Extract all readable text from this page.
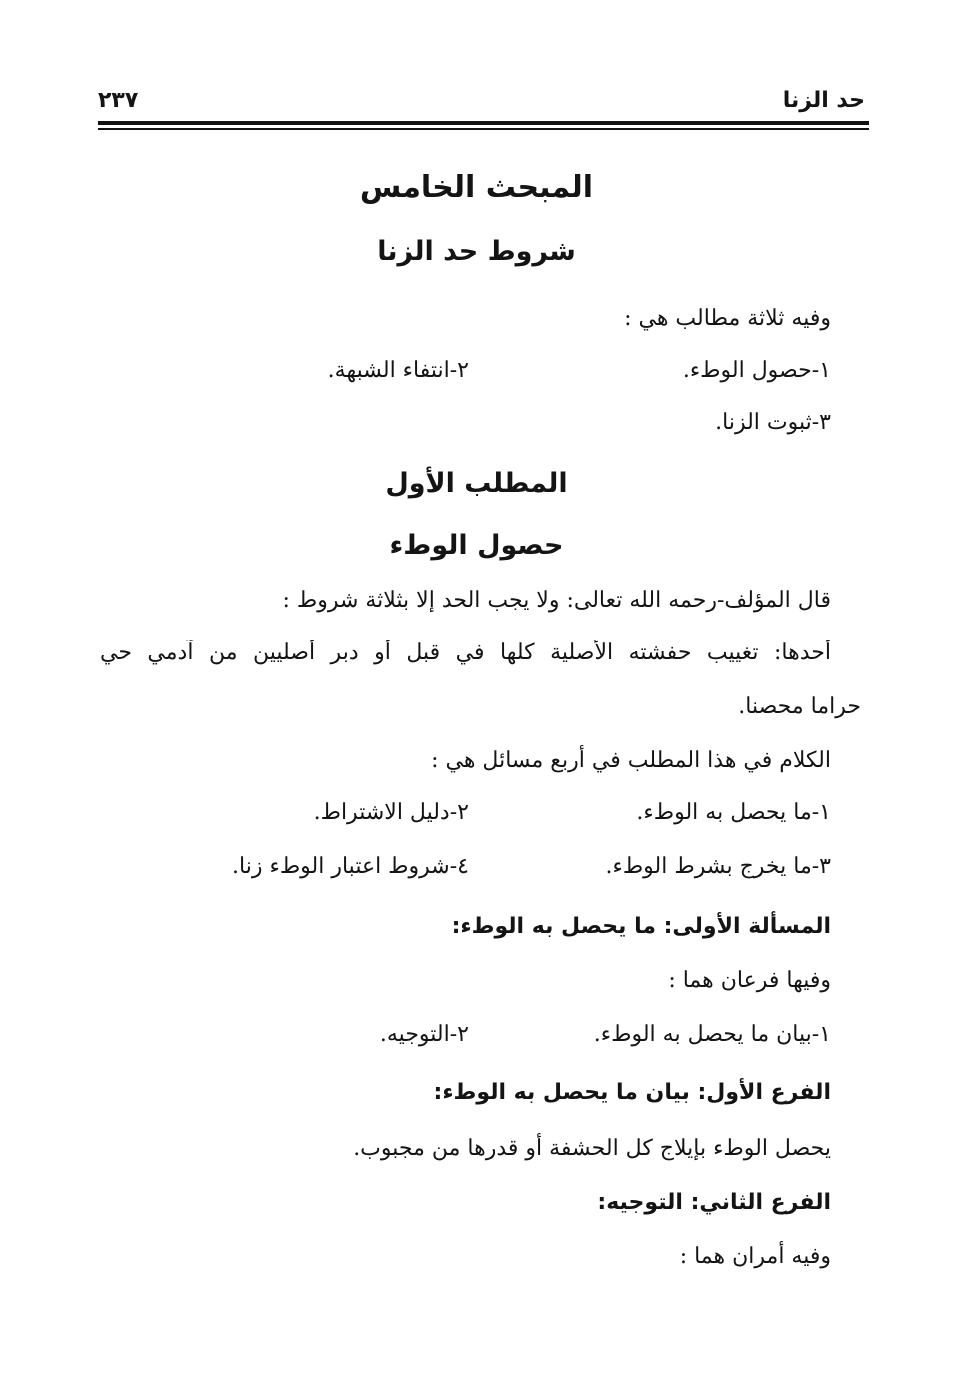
حد الزنا
٢٣٧
المبحث الخامس
شروط حد الزنا
وفيه ثلاثة مطالب هي :
١-حصول الوطء.
٢-انتفاء الشبهة.
٣-ثبوت الزنا.
المطلب الأول
حصول الوطء
قال المؤلف-رحمه الله تعالى: ولا يجب الحد إلا بثلاثة شروط :
أحدها: تغييب حفشته الأصلية كلها في قبل أو دبر أصليين من آدمي حي
حراما محصنا.
الكلام في هذا المطلب في أربع مسائل هي :
١-ما يحصل به الوطء.
٢-دليل الاشتراط.
٣-ما يخرج بشرط الوطء.
٤-شروط اعتبار الوطء زنا.
المسألة الأولى: ما يحصل به الوطء:
وفيها فرعان هما :
١-بيان ما يحصل به الوطء.
٢-التوجيه.
الفرع الأول: بيان ما يحصل به الوطء:
يحصل الوطء بإيلاج كل الحشفة أو قدرها من مجبوب.
الفرع الثاني: التوجيه:
وفيه أمران هما :
